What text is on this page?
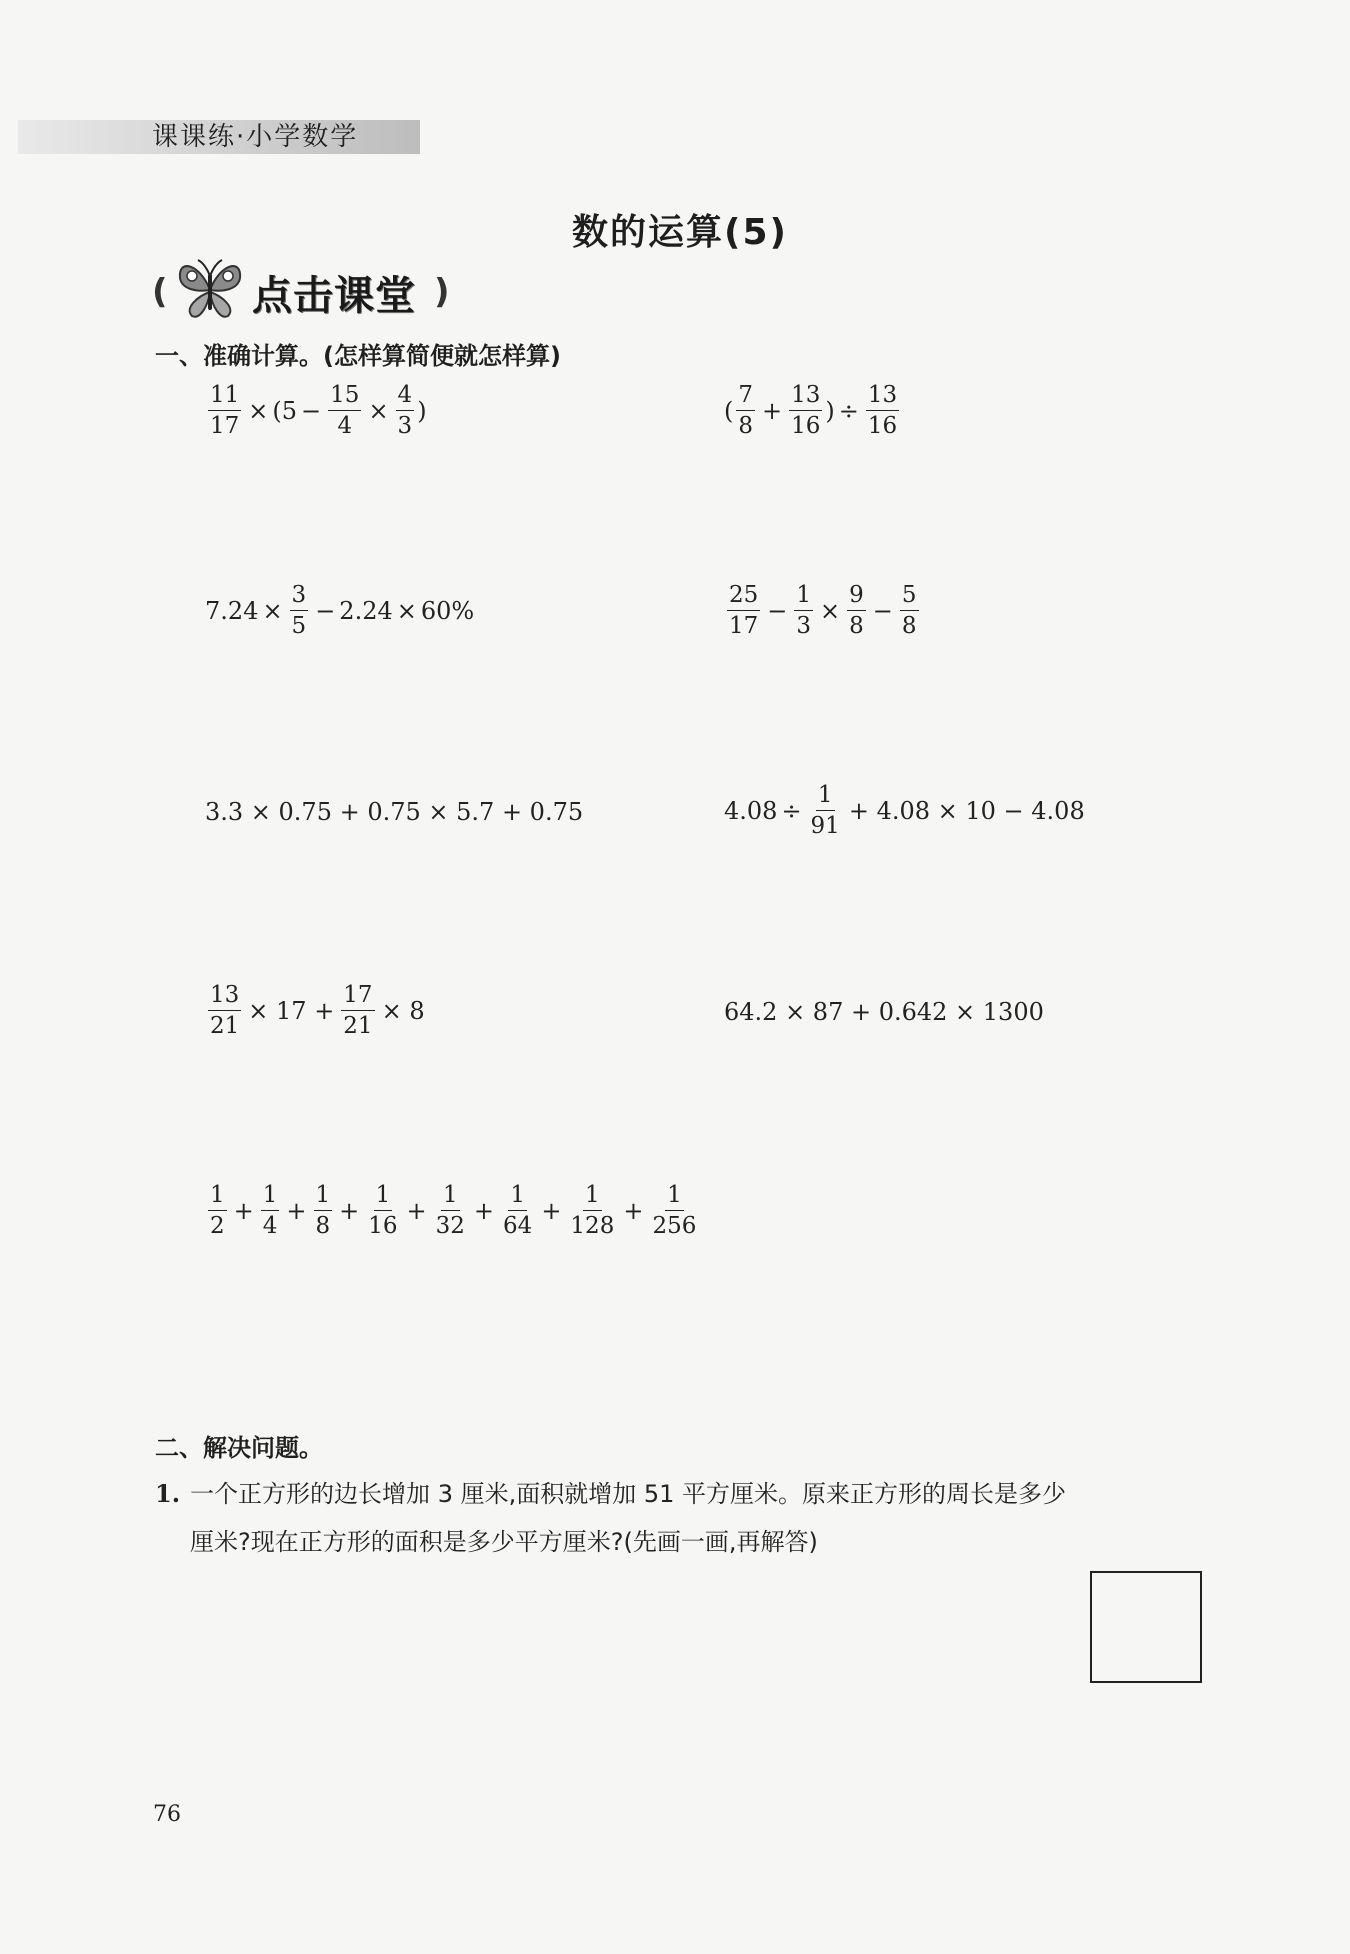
课课练·小学数学
数的运算(5)
( 点击课堂 )
一、准确计算。(怎样算简便就怎样算)
$\frac{11}{17}$ × ( $5 - \frac{15}{4} \times \frac{4}{3}$ )	( $\frac{7}{8} + \frac{13}{16}$ ) ÷ $\frac{13}{16}$
$7.24 \times \frac{3}{5} - 2.24 \times 60\%$	$\frac{25}{17} - \frac{1}{3} \times \frac{9}{8} - \frac{5}{8}$
3.3 × 0.75 + 0.75 × 5.7 + 0.75	$4.08 \div \frac{1}{91} + 4.08 \times 10 - 4.08$
$\frac{13}{21} \times 17 + \frac{17}{21} \times 8$	64.2 × 87 + 0.642 × 1300
$\frac{1}{2} + \frac{1}{4} + \frac{1}{8} + \frac{1}{16} + \frac{1}{32} + \frac{1}{64} + \frac{1}{128} + \frac{1}{256}$
二、解决问题。
1. 一个正方形的边长增加 3 厘米,面积就增加 51 平方厘米。原来正方形的周长是多少
厘米?现在正方形的面积是多少平方厘米?(先画一画,再解答)
76
